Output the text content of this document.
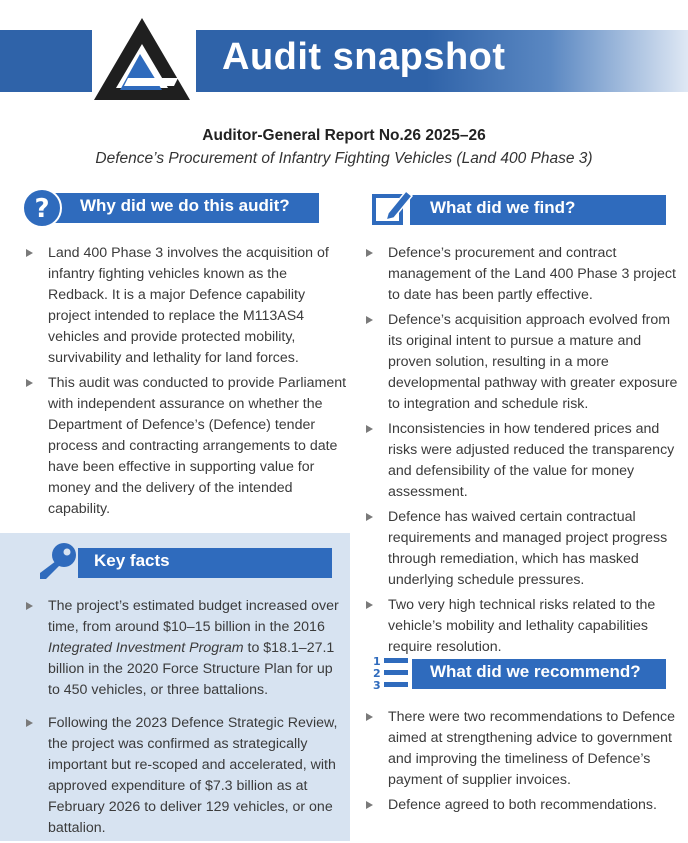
Audit snapshot
Auditor-General Report No.26 2025–26
Defence’s Procurement of Infantry Fighting Vehicles (Land 400 Phase 3)
? Why did we do this audit?
Land 400 Phase 3 involves the acquisition of infantry fighting vehicles known as the Redback. It is a major Defence capability project intended to replace the M113AS4 vehicles and provide protected mobility, survivability and lethality for land forces.
This audit was conducted to provide Parliament with independent assurance on whether the Department of Defence’s (Defence) tender process and contracting arrangements to date have been effective in supporting value for money and the delivery of the intended capability.
Key facts
The project’s estimated budget increased over time, from around $10–15 billion in the 2016 Integrated Investment Program to $18.1–27.1 billion in the 2020 Force Structure Plan for up to 450 vehicles, or three battalions.
Following the 2023 Defence Strategic Review, the project was confirmed as strategically important but re-scoped and accelerated, with approved expenditure of $7.3 billion as at February 2026 to deliver 129 vehicles, or one battalion.
What did we find?
Defence’s procurement and contract management of the Land 400 Phase 3 project to date has been partly effective.
Defence’s acquisition approach evolved from its original intent to pursue a mature and proven solution, resulting in a more developmental pathway with greater exposure to integration and schedule risk.
Inconsistencies in how tendered prices and risks were adjusted reduced the transparency and defensibility of the value for money assessment.
Defence has waived certain contractual requirements and managed project progress through remediation, which has masked underlying schedule pressures.
Two very high technical risks related to the vehicle’s mobility and lethality capabilities require resolution.
1
2
3
What did we recommend?
There were two recommendations to Defence aimed at strengthening advice to government and improving the timeliness of Defence’s payment of supplier invoices.
Defence agreed to both recommendations.
